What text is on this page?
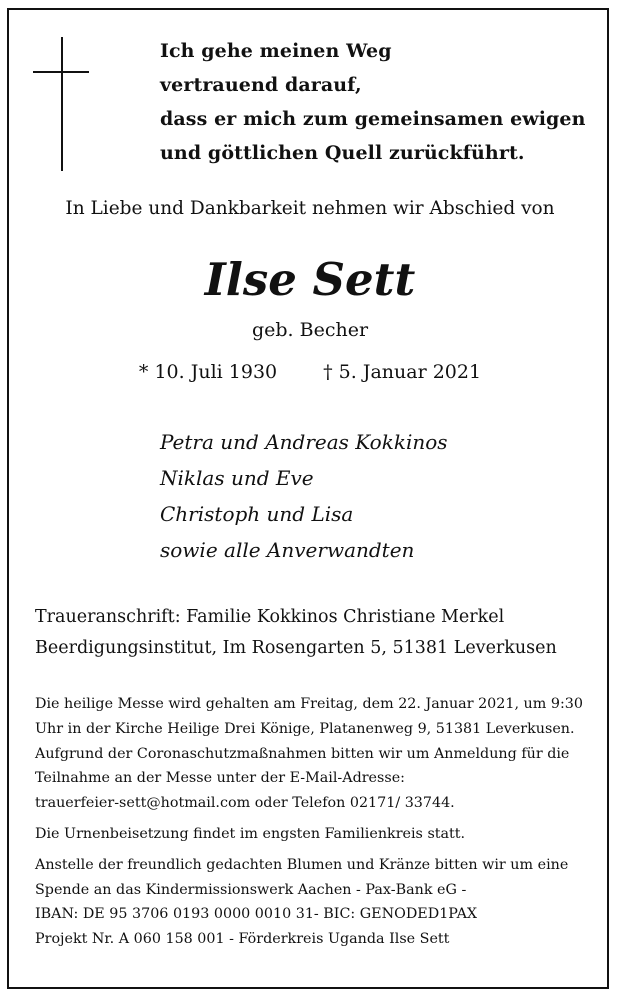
Ich gehe meinen Weg
vertrauend darauf,
dass er mich zum gemeinsamen ewigen
und göttlichen Quell zurückführt.
In Liebe und Dankbarkeit nehmen wir Abschied von
Ilse Sett
geb. Becher
* 10. Juli 1930 † 5. Januar 2021
Petra und Andreas Kokkinos
Niklas und Eve
Christoph und Lisa
sowie alle Anverwandten
Traueranschrift: Familie Kokkinos Christiane Merkel
Beerdigungsinstitut, Im Rosengarten 5, 51381 Leverkusen
Die heilige Messe wird gehalten am Freitag, dem 22. Januar 2021, um 9:30
Uhr in der Kirche Heilige Drei Könige, Platanenweg 9, 51381 Leverkusen.
Aufgrund der Coronaschutzmaßnahmen bitten wir um Anmeldung für die
Teilnahme an der Messe unter der E-Mail-Adresse:
trauerfeier-sett@hotmail.com oder Telefon 02171/ 33744.
Die Urnenbeisetzung findet im engsten Familienkreis statt.
Anstelle der freundlich gedachten Blumen und Kränze bitten wir um eine
Spende an das Kindermissionswerk Aachen - Pax-Bank eG -
IBAN: DE 95 3706 0193 0000 0010 31- BIC: GENODED1PAX
Projekt Nr. A 060 158 001 - Förderkreis Uganda Ilse Sett
